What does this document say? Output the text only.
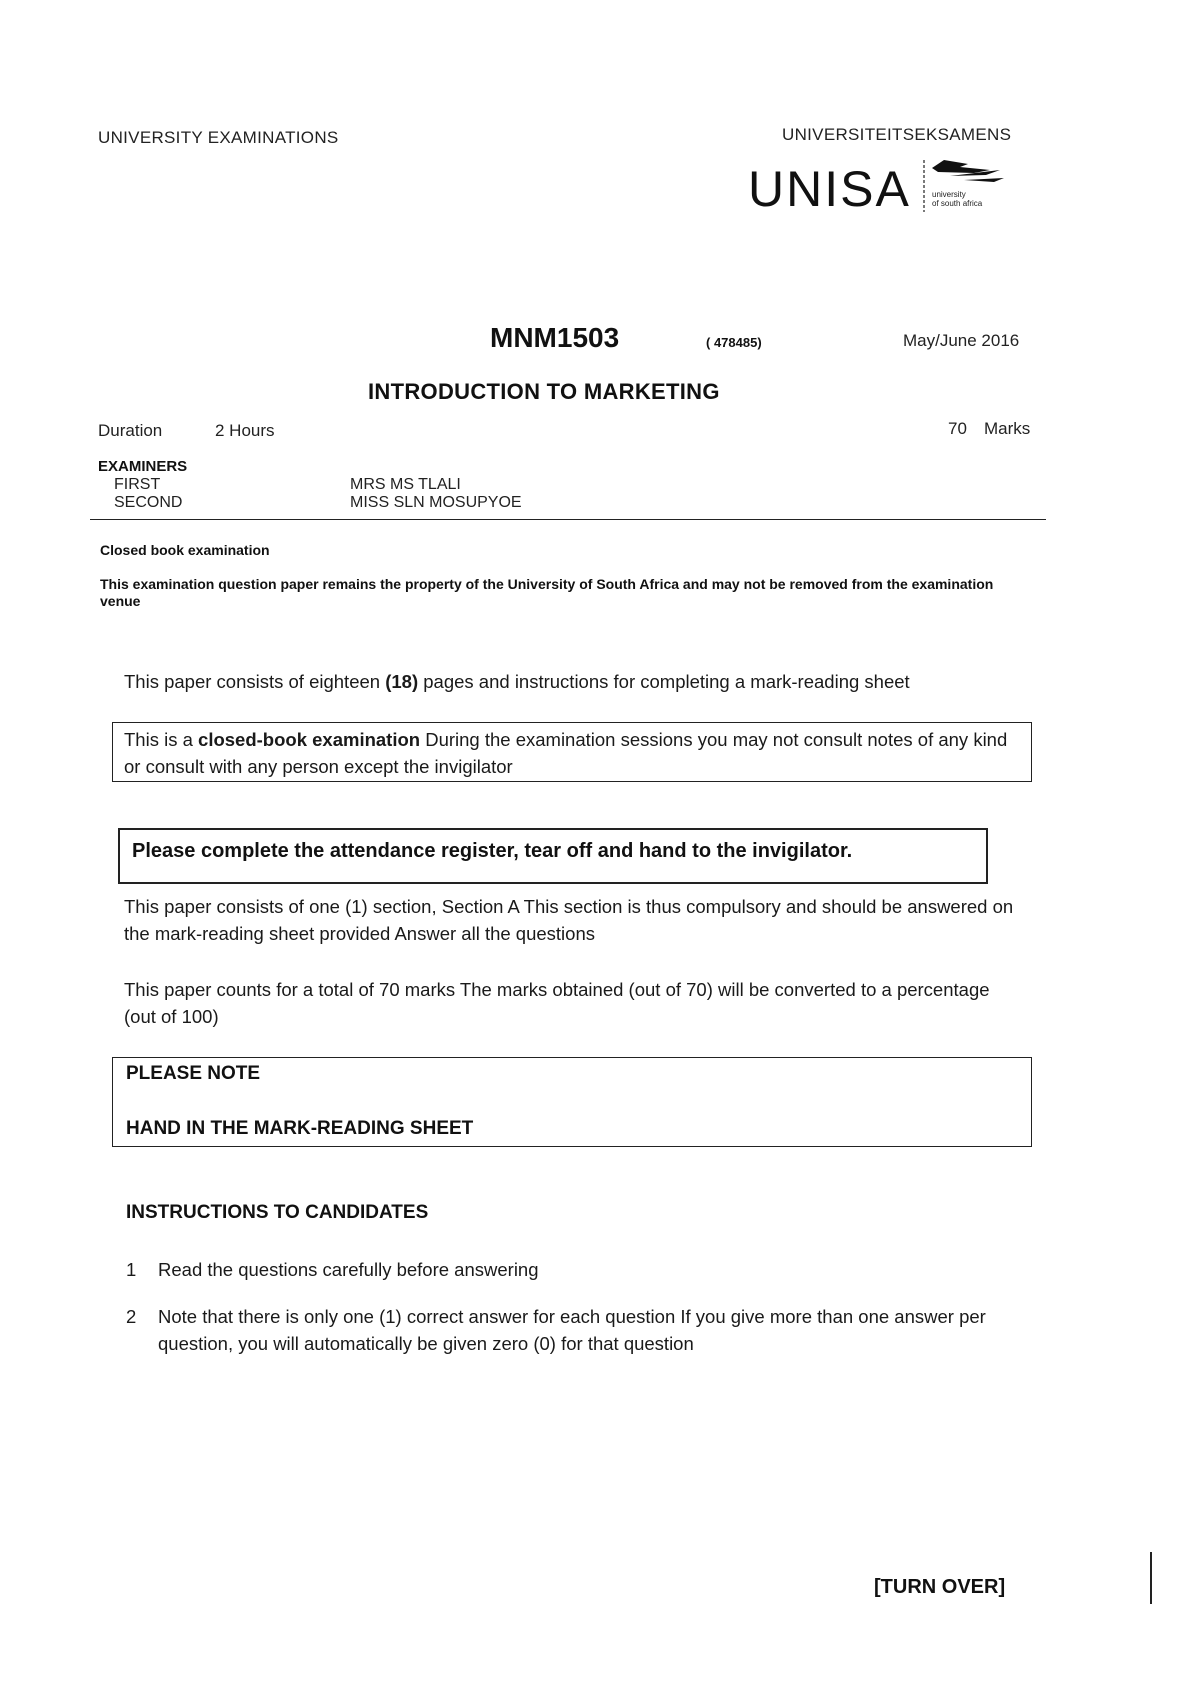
UNIVERSITY EXAMINATIONS	UNIVERSITEITSEKSAMENS
UNISA	university
of south africa
MNM1503	( 478485)	May/June 2016
INTRODUCTION TO MARKETING
Duration	2 Hours	70 Marks
EXAMINERS
FIRST	MRS MS TLALI
SECOND	MISS SLN MOSUPYOE
Closed book examination
This examination question paper remains the property of the University of South Africa and may not be removed from the examination venue
This paper consists of eighteen (18) pages and instructions for completing a mark-reading sheet
This is a closed-book examination During the examination sessions you may not consult notes of any kind or consult with any person except the invigilator
Please complete the attendance register, tear off and hand to the invigilator.
This paper consists of one (1) section, Section A This section is thus compulsory and should be answered on the mark-reading sheet provided Answer all the questions
This paper counts for a total of 70 marks The marks obtained (out of 70) will be converted to a percentage (out of 100)
PLEASE NOTE
HAND IN THE MARK-READING SHEET
INSTRUCTIONS TO CANDIDATES
1 Read the questions carefully before answering
2 Note that there is only one (1) correct answer for each question If you give more than one answer per question, you will automatically be given zero (0) for that question
[TURN OVER]
